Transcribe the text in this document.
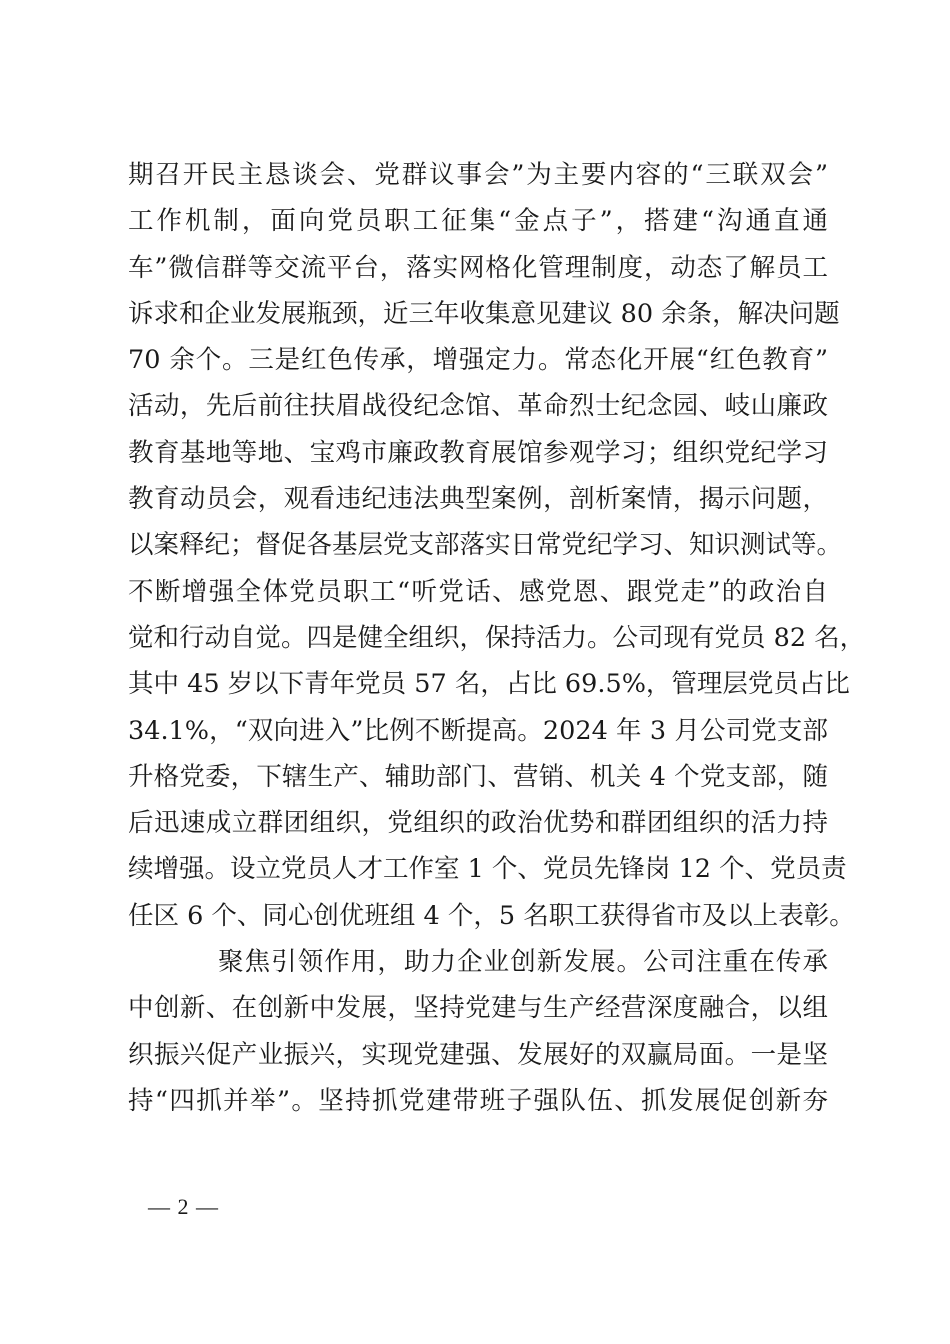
期召开民主恳谈会、党群议事会”为主要内容的“三联双会”
工作机制，面向党员职工征集“金点子”，搭建“沟通直通
车”微信群等交流平台，落实网格化管理制度，动态了解员工
诉求和企业发展瓶颈，近三年收集意见建议 80 余条，解决问题
70 余个。三是红色传承，增强定力。常态化开展“红色教育”
活动，先后前往扶眉战役纪念馆、革命烈士纪念园、岐山廉政
教育基地等地、宝鸡市廉政教育展馆参观学习；组织党纪学习
教育动员会，观看违纪违法典型案例，剖析案情，揭示问题，
以案释纪；督促各基层党支部落实日常党纪学习、知识测试等。
不断增强全体党员职工“听党话、感党恩、跟党走”的政治自
觉和行动自觉。四是健全组织，保持活力。公司现有党员 82 名，
其中 45 岁以下青年党员 57 名，占比 69.5%，管理层党员占比
34.1%，“双向进入”比例不断提高。2024 年 3 月公司党支部
升格党委，下辖生产、辅助部门、营销、机关 4 个党支部，随
后迅速成立群团组织，党组织的政治优势和群团组织的活力持
续增强。设立党员人才工作室 1 个、党员先锋岗 12 个、党员责
任区 6 个、同心创优班组 4 个，5 名职工获得省市及以上表彰。
聚焦引领作用，助力企业创新发展。公司注重在传承
中创新、在创新中发展，坚持党建与生产经营深度融合，以组
织振兴促产业振兴，实现党建强、发展好的双赢局面。一是坚
持“四抓并举”。坚持抓党建带班子强队伍、抓发展促创新夯
— 2 —
